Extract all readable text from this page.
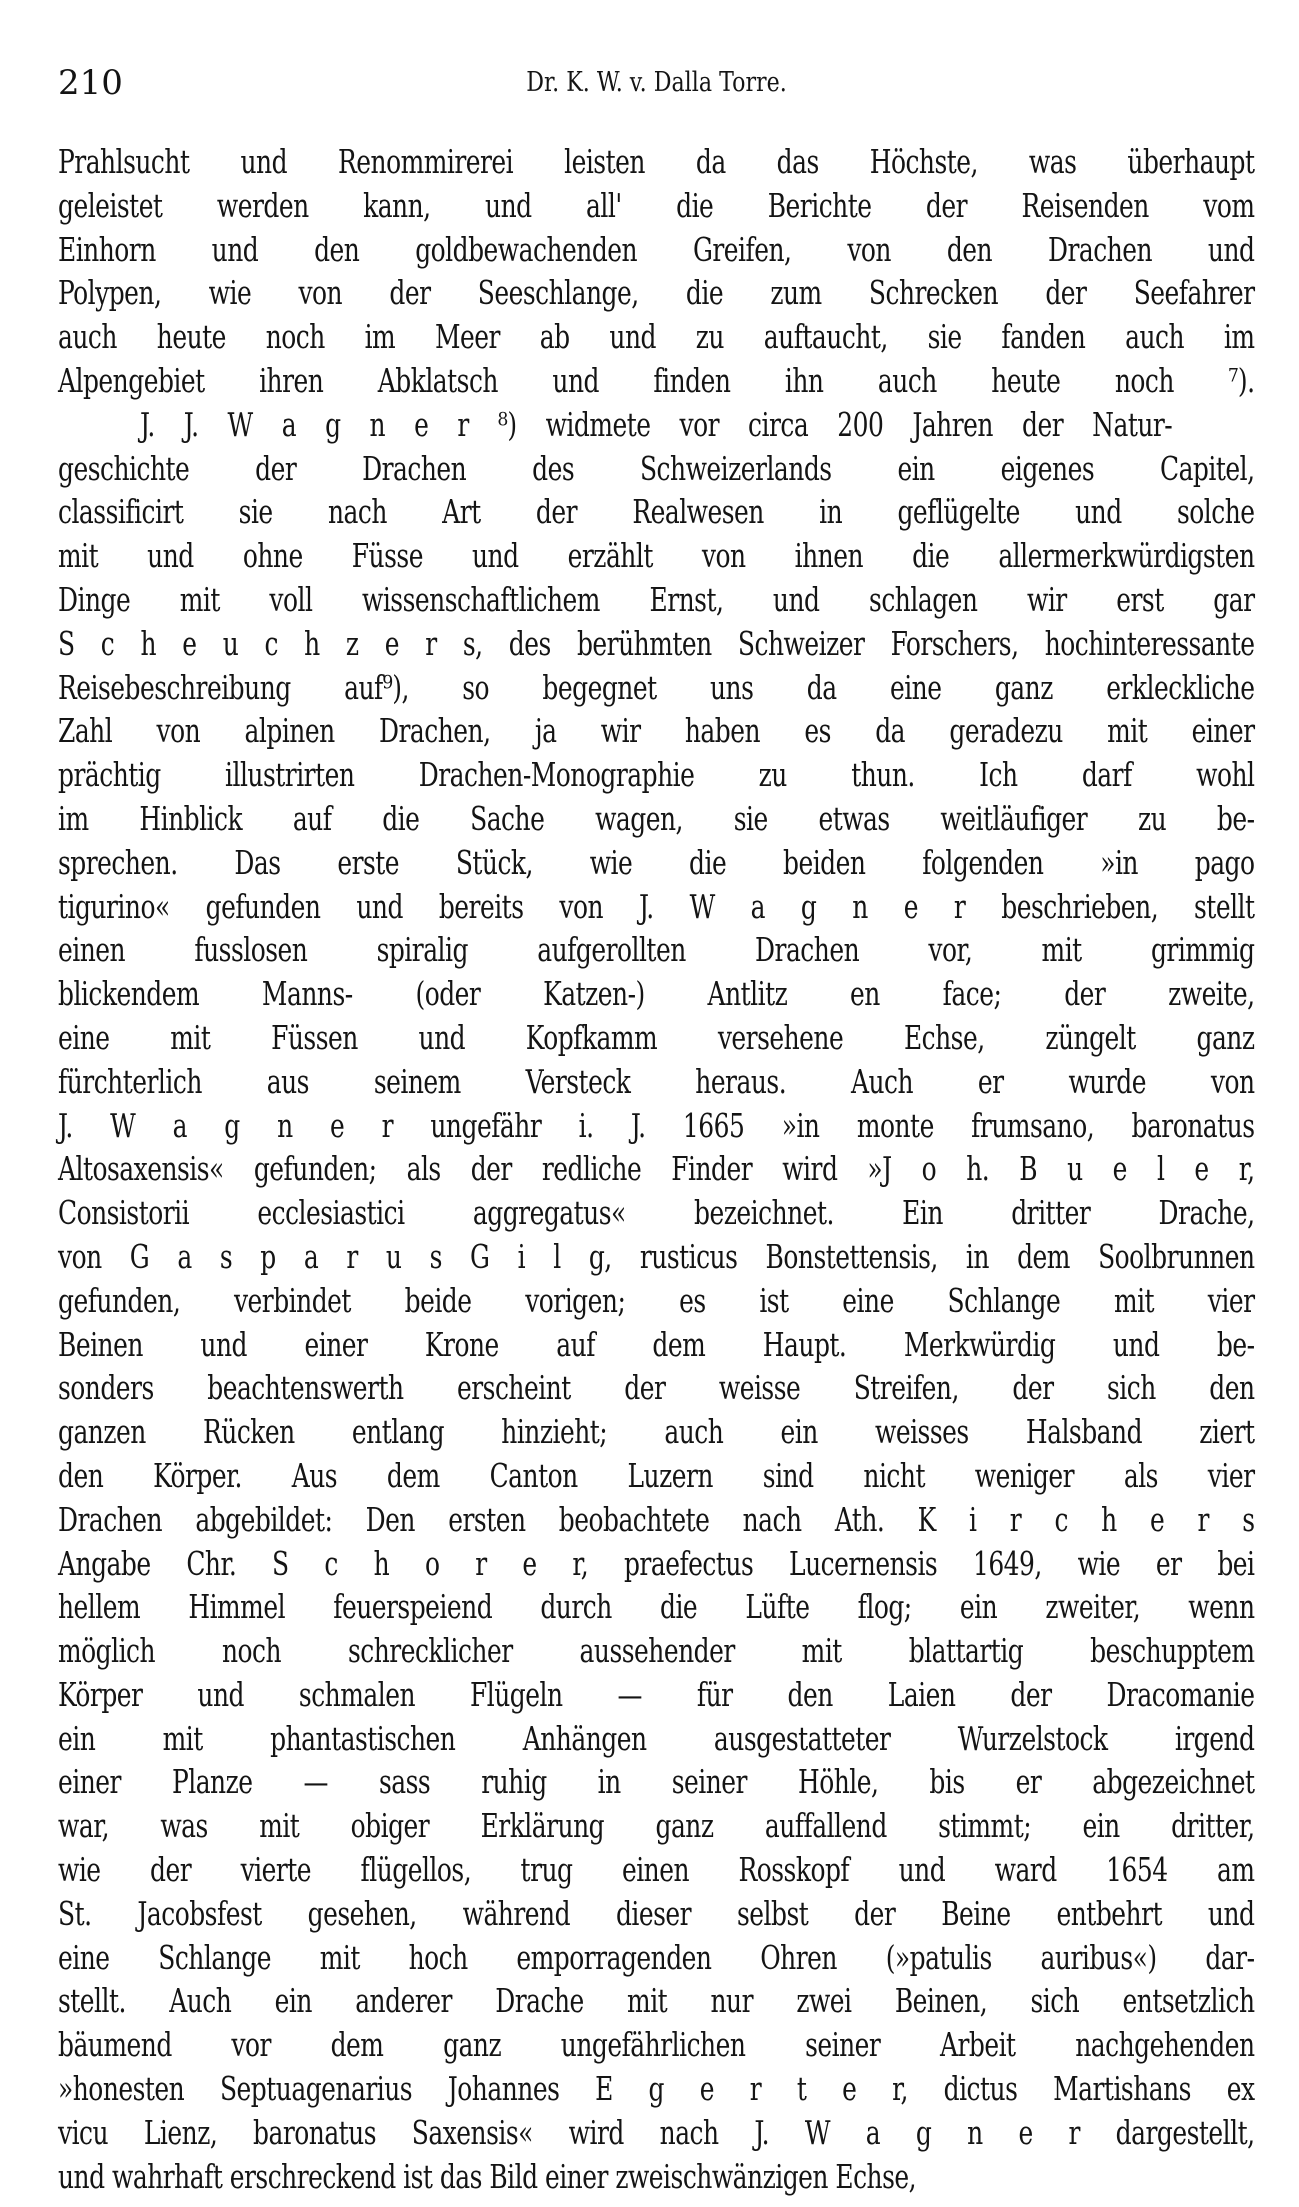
210	Dr. K. W. v. Dalla Torre.
Prahlsucht und Renommirerei leisten da das Höchste, was überhaupt
geleistet werden kann, und all' die Berichte der Reisenden vom
Einhorn und den goldbewachenden Greifen, von den Drachen und
Polypen, wie von der Seeschlange, die zum Schrecken der Seefahrer
auch heute noch im Meer ab und zu auftaucht, sie fanden auch im
Alpengebiet ihren Abklatsch und finden ihn auch heute noch ⁷).
J. J. W a g n e r ⁸) widmete vor circa 200 Jahren der Natur-
geschichte der Drachen des Schweizerlands ein eigenes Capitel,
classificirt sie nach Art der Realwesen in geflügelte und solche
mit und ohne Füsse und erzählt von ihnen die allermerkwürdigsten
Dinge mit voll wissenschaftlichem Ernst, und schlagen wir erst gar
S c h e u c h z e r s, des berühmten Schweizer Forschers, hochinteressante
Reisebeschreibung auf⁹), so begegnet uns da eine ganz erkleckliche
Zahl von alpinen Drachen, ja wir haben es da geradezu mit einer
prächtig illustrirten Drachen-Monographie zu thun. Ich darf wohl
im Hinblick auf die Sache wagen, sie etwas weitläufiger zu be-
sprechen. Das erste Stück, wie die beiden folgenden »in pago
tigurino« gefunden und bereits von J. W a g n e r beschrieben, stellt
einen fusslosen spiralig aufgerollten Drachen vor, mit grimmig
blickendem Manns- (oder Katzen-) Antlitz en face; der zweite,
eine mit Füssen und Kopfkamm versehene Echse, züngelt ganz
fürchterlich aus seinem Versteck heraus. Auch er wurde von
J. W a g n e r ungefähr i. J. 1665 »in monte frumsano, baronatus
Altosaxensis« gefunden; als der redliche Finder wird »J o h. B u e l e r,
Consistorii ecclesiastici aggregatus« bezeichnet. Ein dritter Drache,
von G a s p a r u s G i l g, rusticus Bonstettensis, in dem Soolbrunnen
gefunden, verbindet beide vorigen; es ist eine Schlange mit vier
Beinen und einer Krone auf dem Haupt. Merkwürdig und be-
sonders beachtenswerth erscheint der weisse Streifen, der sich den
ganzen Rücken entlang hinzieht; auch ein weisses Halsband ziert
den Körper. Aus dem Canton Luzern sind nicht weniger als vier
Drachen abgebildet: Den ersten beobachtete nach Ath. K i r c h e r s
Angabe Chr. S c h o r e r, praefectus Lucernensis 1649, wie er bei
hellem Himmel feuerspeiend durch die Lüfte flog; ein zweiter, wenn
möglich noch schrecklicher aussehender mit blattartig beschupptem
Körper und schmalen Flügeln — für den Laien der Dracomanie
ein mit phantastischen Anhängen ausgestatteter Wurzelstock irgend
einer Planze — sass ruhig in seiner Höhle, bis er abgezeichnet
war, was mit obiger Erklärung ganz auffallend stimmt; ein dritter,
wie der vierte flügellos, trug einen Rosskopf und ward 1654 am
St. Jacobsfest gesehen, während dieser selbst der Beine entbehrt und
eine Schlange mit hoch emporragenden Ohren (»patulis auribus«) dar-
stellt. Auch ein anderer Drache mit nur zwei Beinen, sich entsetzlich
bäumend vor dem ganz ungefährlichen seiner Arbeit nachgehenden
»honesten Septuagenarius Johannes E g e r t e r, dictus Martishans ex
vicu Lienz, baronatus Saxensis« wird nach J. W a g n e r dargestellt,
und wahrhaft erschreckend ist das Bild einer zweischwänzigen Echse,
